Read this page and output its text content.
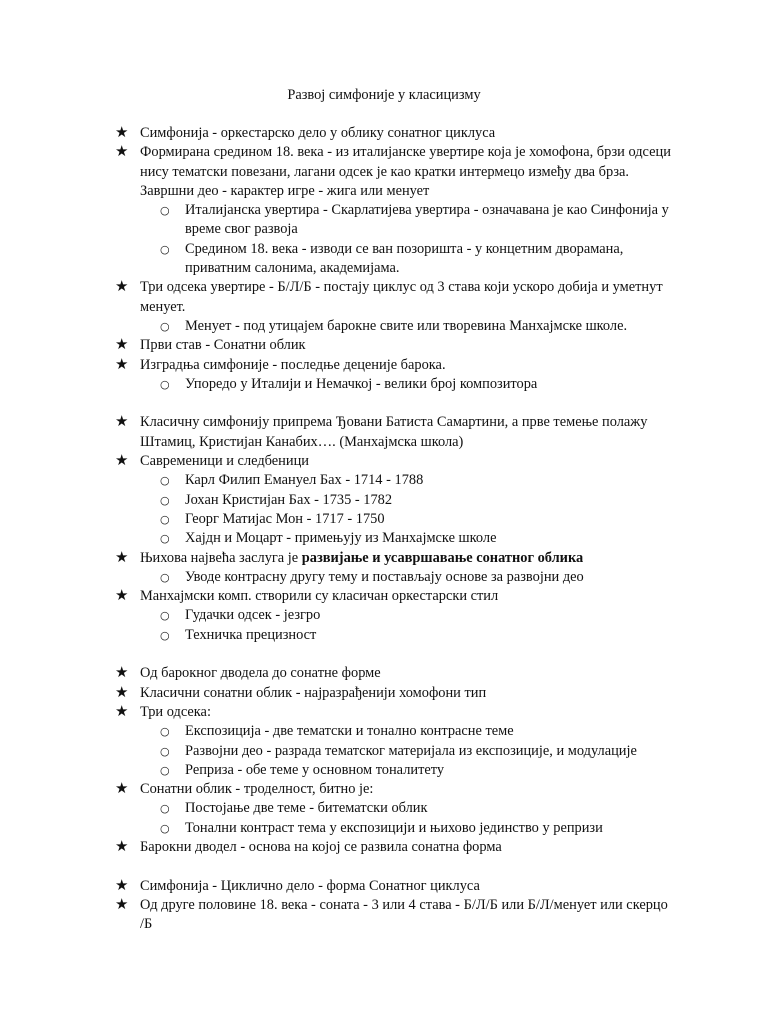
Развој симфоније у класицизму
★ Симфонија - оркестарско дело у облику сонатног циклуса
★ Формирана средином 18. века - из италијанске увертире која је хомофона, брзи одсеци нису тематски повезани, лагани одсек је као кратки интермецо између два брза. Завршни део - карактер игре - жига или менует
○ Италијанска увертира - Скарлатијева увертира - означавана је као Синфонија у време свог развоја
○ Средином 18. века - изводи се ван позоришта - у концетним дворамана, приватним салонима, академијама.
★ Три одсека увертире - Б/Л/Б - постају циклус од 3 става који ускоро добија и уметнут менует.
○ Менует - под утицајем барокне свите или творевина Манхајмске школе.
★ Први став - Сонатни облик
★ Изградња симфоније - последње деценије барока.
○ Упоредо у Италији и Немачкој - велики број композитора
★ Класичну симфонију припрема Ђовани Батиста Самартини, а прве темење полажу Штамиц, Кристијан Канабих…. (Манхајмска школа)
★ Савременици и следбеници
○ Карл Филип Емануел Бах - 1714 - 1788
○ Јохан Кристијан Бах - 1735 - 1782
○ Георг Матијас Мон - 1717 - 1750
○ Хајдн и Моцарт - примењују из Манхајмске школе
★ Њихова највећа заслуга је развијање и усавршавање сонатног облика
○ Уводе контрасну другу тему и постављају основе за развојни део
★ Манхајмски комп. створили су класичан оркестарски стил
○ Гудачки одсек - језгро
○ Техничка прецизност
★ Од барокног дводела до сонатне форме
★ Класични сонатни облик - најразрађенији хомофони тип
★ Три одсека:
○ Експозиција - две тематски и тонално контрасне теме
○ Развојни део - разрада тематског материјала из експозиције, и модулације
○ Реприза - обе теме у основном тоналитету
★ Сонатни облик - троделност, битно је:
○ Постојање две теме - битематски облик
○ Тонални контраст тема у експозицији и њихово јединство у репризи
★ Барокни дводел - основа на којој се развила сонатна форма
★ Симфонија - Циклично дело - форма Сонатног циклуса
★ Од друге половине 18. века - соната - 3 или 4 става - Б/Л/Б или Б/Л/менует или скерцо /Б
